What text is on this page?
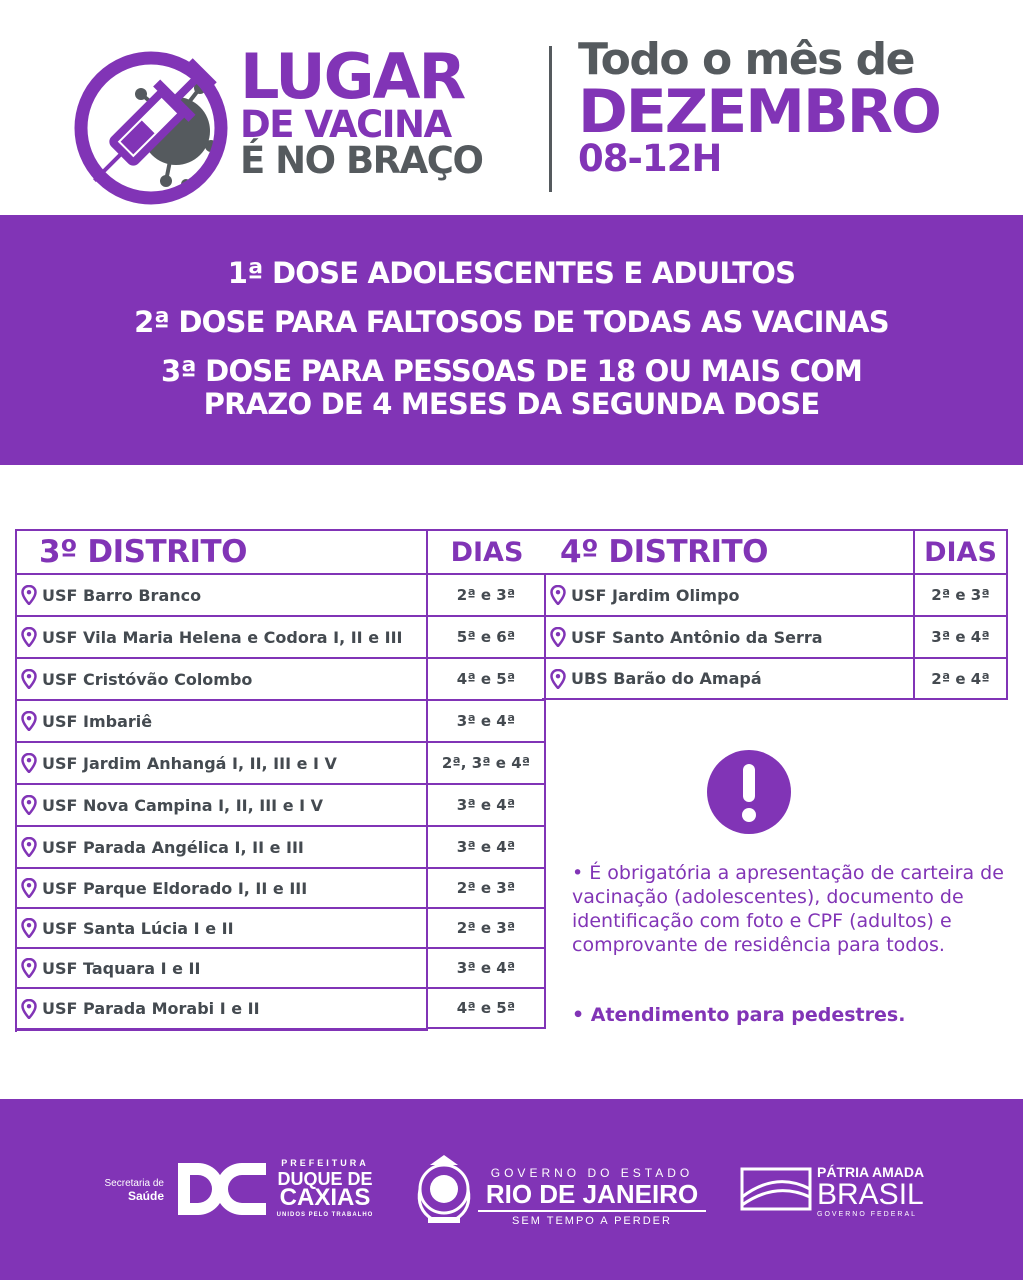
LUGAR
DE VACINA
É NO BRAÇO
Todo o mês de
DEZEMBRO
08-12H
1ª DOSE ADOLESCENTES E ADULTOS
2ª DOSE PARA FALTOSOS DE TODAS AS VACINAS
3ª DOSE PARA PESSOAS DE 18 OU MAIS COM
PRAZO DE 4 MESES DA SEGUNDA DOSE
3º DISTRITO	DIAS
USF Barro Branco	2ª e 3ª
USF Vila Maria Helena e Codora I, II e III	5ª e 6ª
USF Cristóvão Colombo	4ª e 5ª
USF Imbariê	3ª e 4ª
USF Jardim Anhangá I, II, III e I V	2ª, 3ª e 4ª
USF Nova Campina I, II, III e I V	3ª e 4ª
USF Parada Angélica I, II e III	3ª e 4ª
USF Parque Eldorado I, II e III	2ª e 3ª
USF Santa Lúcia I e II	2ª e 3ª
USF Taquara I e II	3ª e 4ª
USF Parada Morabi I e II	4ª e 5ª
4º DISTRITO	DIAS
USF Jardim Olimpo	2ª e 3ª
USF Santo Antônio da Serra	3ª e 4ª
UBS Barão do Amapá	2ª e 4ª
• É obrigatória a apresentação de carteira de vacinação (adolescentes), documento de identificação com foto e CPF (adultos) e comprovante de residência para todos.
• Atendimento para pedestres.
Secretaria de
Saúde
PREFEITURA
DUQUE DE
CAXIAS
UNIDOS PELO TRABALHO
GOVERNO DO ESTADO
RIO DE JANEIRO
SEM TEMPO A PERDER
PÁTRIA AMADA
BRASIL
GOVERNO FEDERAL
